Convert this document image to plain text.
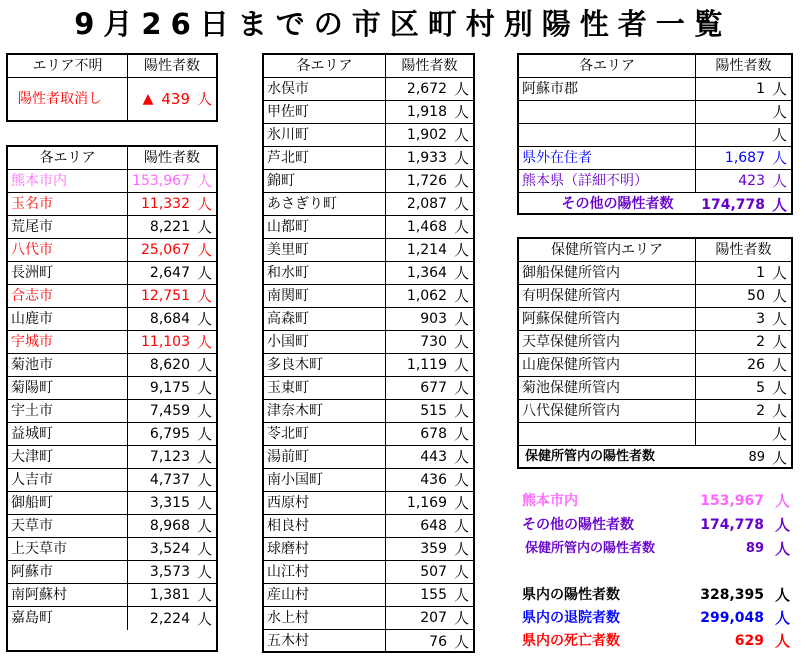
9月26日までの市区町村別陽性者一覧
エリア不明	陽性者数
陽性者取消し	▲ 439 人
各エリア	陽性者数
熊本市内	153,967 人
玉名市	11,332 人
荒尾市	8,221 人
八代市	25,067 人
長洲町	2,647 人
合志市	12,751 人
山鹿市	8,684 人
宇城市	11,103 人
菊池市	8,620 人
菊陽町	9,175 人
宇土市	7,459 人
益城町	6,795 人
大津町	7,123 人
人吉市	4,737 人
御船町	3,315 人
天草市	8,968 人
上天草市	3,524 人
阿蘇市	3,573 人
南阿蘇村	1,381 人
嘉島町	2,224 人
各エリア	陽性者数
水俣市	2,672 人
甲佐町	1,918 人
氷川町	1,902 人
芦北町	1,933 人
錦町	1,726 人
あさぎり町	2,087 人
山都町	1,468 人
美里町	1,214 人
和水町	1,364 人
南関町	1,062 人
高森町	903 人
小国町	730 人
多良木町	1,119 人
玉東町	677 人
津奈木町	515 人
苓北町	678 人
湯前町	443 人
南小国町	436 人
西原村	1,169 人
相良村	648 人
球磨村	359 人
山江村	507 人
産山村	155 人
水上村	207 人
五木村	76 人
各エリア	陽性者数
阿蘇市郡	1 人
人
人
県外在住者	1,687 人
熊本県（詳細不明）	423 人
その他の陽性者数	174,778 人
保健所管内エリア	陽性者数
御船保健所管内	1 人
有明保健所管内	50 人
阿蘇保健所管内	3 人
天草保健所管内	2 人
山鹿保健所管内	26 人
菊池保健所管内	5 人
八代保健所管内	2 人
人
保健所管内の陽性者数	89 人
熊本市内	153,967 人
その他の陽性者数	174,778 人
保健所管内の陽性者数	89 人
県内の陽性者数	328,395 人
県内の退院者数	299,048 人
県内の死亡者数	629 人
